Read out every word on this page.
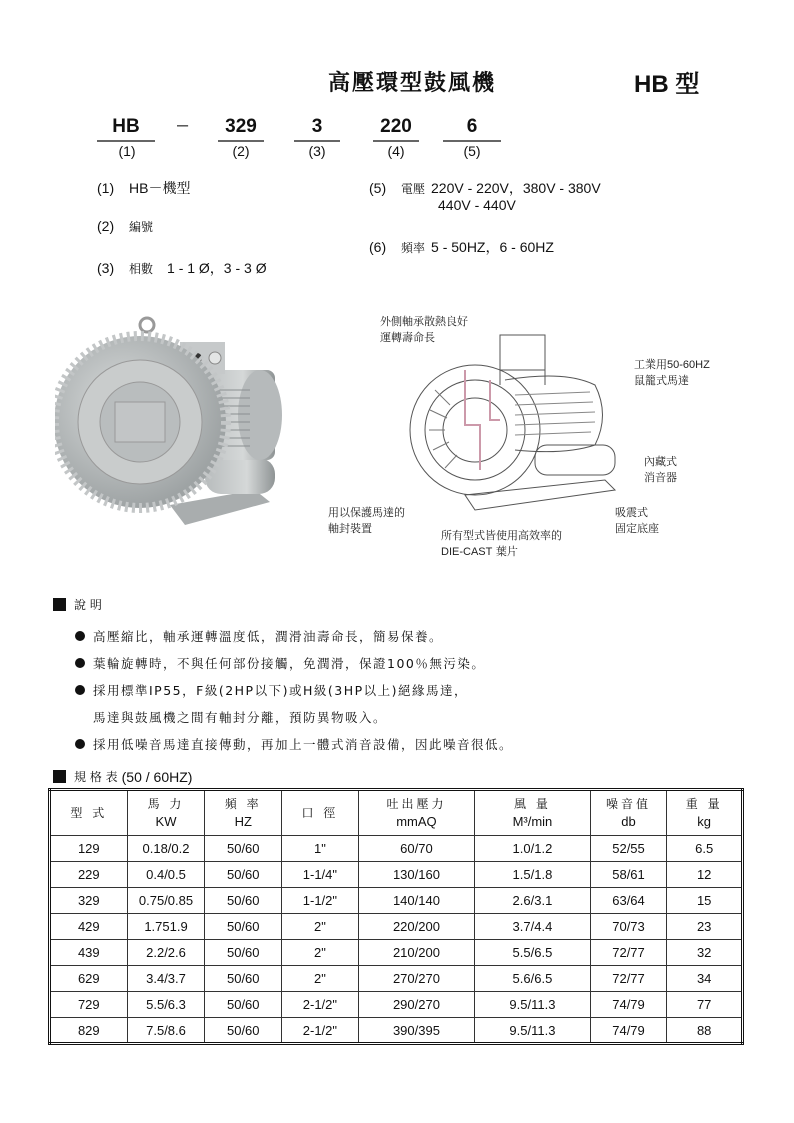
高壓環型鼓風機	HB 型
HB	–	329	3	220	6
(1)	(2)	(3)	(4)	(5)
(1) HB－機型
(2) 編號
(3) 相數 1 - 1 Ø，3 - 3 Ø
(5) 電壓 220V - 220V，380V - 380V
440V - 440V
(6) 頻率 5 - 50HZ，6 - 60HZ
外側軸承散熱良好
運轉壽命長
工業用50-60HZ
鼠籠式馬達
內藏式
消音器
用以保護馬達的
軸封裝置
所有型式皆使用高效率的
DIE-CAST 葉片
吸震式
固定底座
說 明
高壓縮比，軸承運轉溫度低，潤滑油壽命長，簡易保養。
葉輪旋轉時，不與任何部份接觸，免潤滑，保證100％無污染。
採用標準IP55，F級(2HP以下)或H級(3HP以上)絕緣馬達，
馬達與鼓風機之間有軸封分離，預防異物吸入。
採用低噪音馬達直接傳動，再加上一體式消音設備，因此噪音很低。
規 格 表 (50 / 60HZ)
型 式	馬 力
KW	頻 率
HZ	口 徑	吐出壓力
mmAQ	風 量
M³/min	噪音值
db	重 量
kg
129	0.18/0.2	50/60	1"	60/70	1.0/1.2	52/55	6.5
229	0.4/0.5	50/60	1-1/4"	130/160	1.5/1.8	58/61	12
329	0.75/0.85	50/60	1-1/2"	140/140	2.6/3.1	63/64	15
429	1.751.9	50/60	2"	220/200	3.7/4.4	70/73	23
439	2.2/2.6	50/60	2"	210/200	5.5/6.5	72/77	32
629	3.4/3.7	50/60	2"	270/270	5.6/6.5	72/77	34
729	5.5/6.3	50/60	2-1/2"	290/270	9.5/11.3	74/79	77
829	7.5/8.6	50/60	2-1/2"	390/395	9.5/11.3	74/79	88
